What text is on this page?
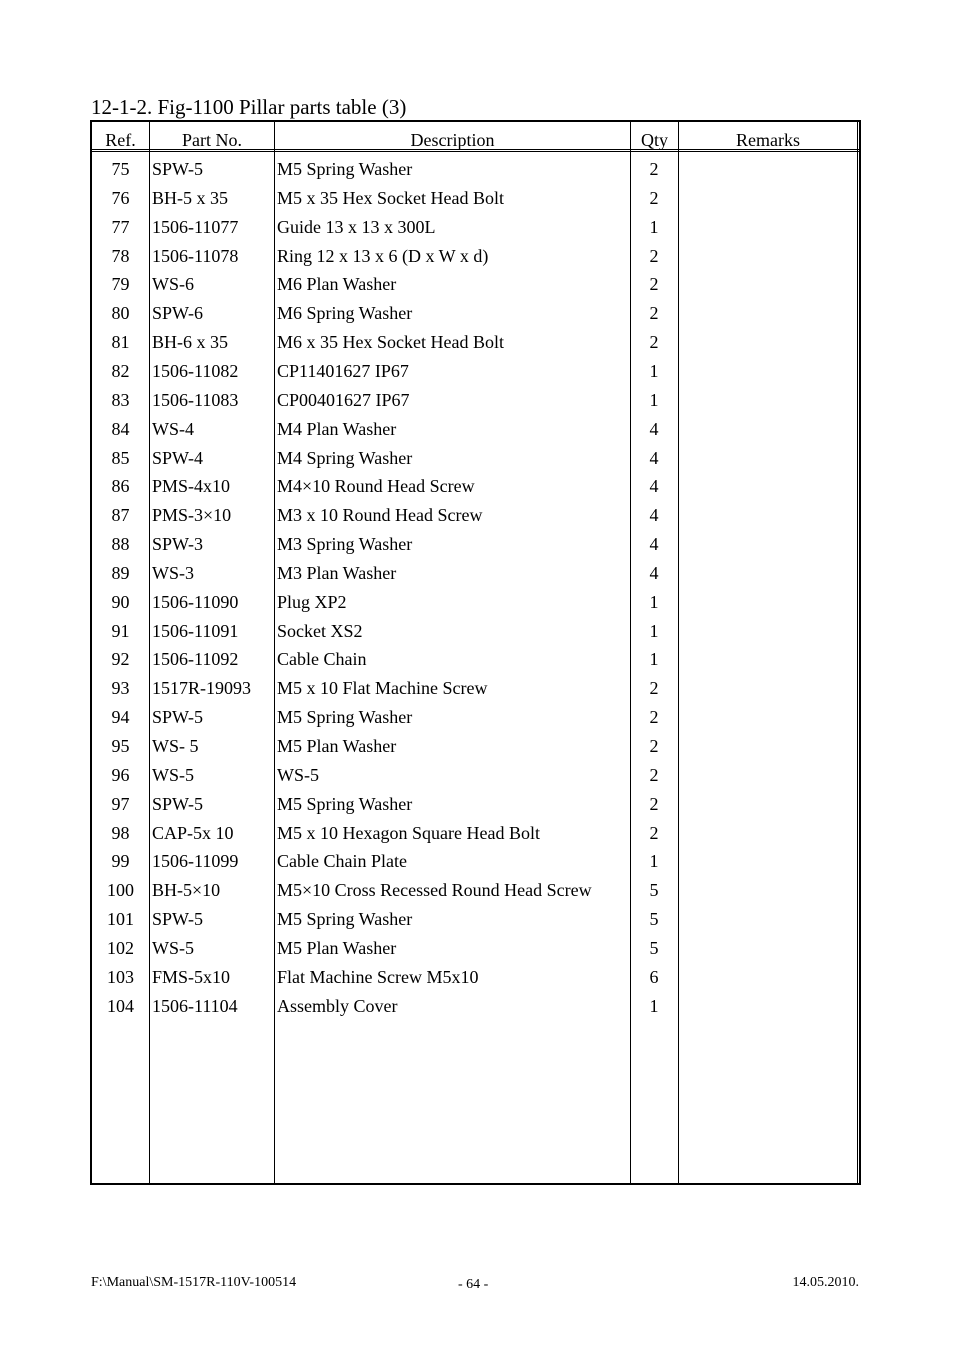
12-1-2. Fig-1100 Pillar parts table (3)
Ref.	Part No.	Description	Qty	Remarks
75	SPW-5	M5 Spring Washer	2
76	BH-5 x 35	M5 x 35 Hex Socket Head Bolt	2
77	1506-11077	Guide 13 x 13 x 300L	1
78	1506-11078	Ring 12 x 13 x 6 (D x W x d)	2
79	WS-6	M6 Plan Washer	2
80	SPW-6	M6 Spring Washer	2
81	BH-6 x 35	M6 x 35 Hex Socket Head Bolt	2
82	1506-11082	CP11401627 IP67	1
83	1506-11083	CP00401627 IP67	1
84	WS-4	M4 Plan Washer	4
85	SPW-4	M4 Spring Washer	4
86	PMS-4x10	M4×10 Round Head Screw	4
87	PMS-3×10	M3 x 10 Round Head Screw	4
88	SPW-3	M3 Spring Washer	4
89	WS-3	M3 Plan Washer	4
90	1506-11090	Plug XP2	1
91	1506-11091	Socket XS2	1
92	1506-11092	Cable Chain	1
93	1517R-19093	M5 x 10 Flat Machine Screw	2
94	SPW-5	M5 Spring Washer	2
95	WS- 5	M5 Plan Washer	2
96	WS-5	WS-5	2
97	SPW-5	M5 Spring Washer	2
98	CAP-5x 10	M5 x 10 Hexagon Square Head Bolt	2
99	1506-11099	Cable Chain Plate	1
100	BH-5×10	M5×10 Cross Recessed Round Head Screw	5
101	SPW-5	M5 Spring Washer	5
102	WS-5	M5 Plan Washer	5
103	FMS-5x10	Flat Machine Screw M5x10	6
104	1506-11104	Assembly Cover	1
F:\Manual\SM-1517R-110V-100514	- 64 -	14.05.2010.
